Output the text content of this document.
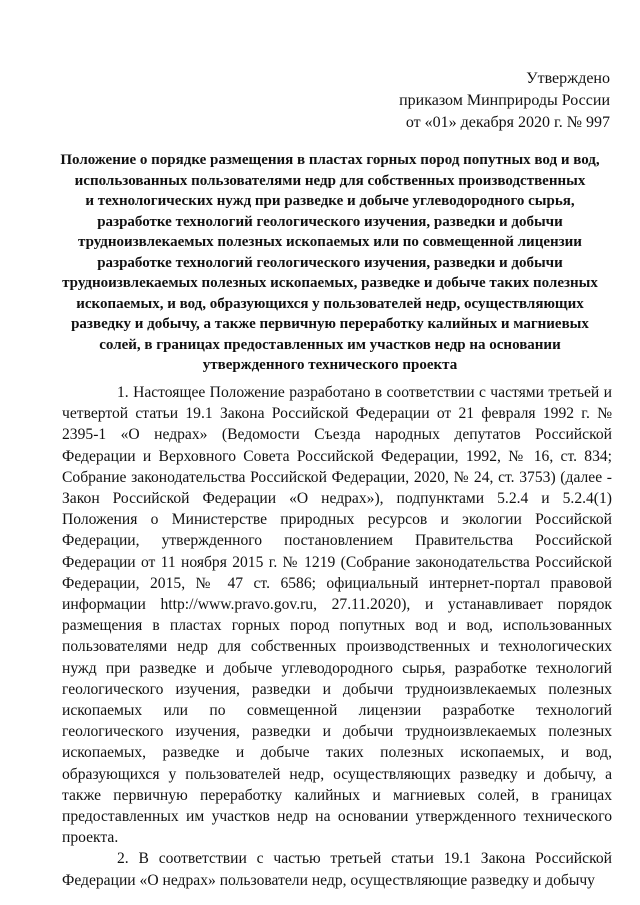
Утверждено
приказом Минприроды России
от «01» декабря 2020 г. № 997
Положение о порядке размещения в пластах горных пород попутных вод и вод,
использованных пользователями недр для собственных производственных
и технологических нужд при разведке и добыче углеводородного сырья,
разработке технологий геологического изучения, разведки и добычи
трудноизвлекаемых полезных ископаемых или по совмещенной лицензии
разработке технологий геологического изучения, разведки и добычи
трудноизвлекаемых полезных ископаемых, разведке и добыче таких полезных
ископаемых, и вод, образующихся у пользователей недр, осуществляющих
разведку и добычу, а также первичную переработку калийных и магниевых
солей, в границах предоставленных им участков недр на основании
утвержденного технического проекта

1. Настоящее Положение разработано в соответствии с частями третьей и четвертой статьи 19.1 Закона Российской Федерации от 21 февраля 1992 г. № 2395-1 «О недрах» (Ведомости Съезда народных депутатов Российской Федерации и Верховного Совета Российской Федерации, 1992, № 16, ст. 834; Собрание законодательства Российской Федерации, 2020, № 24, ст. 3753) (далее - Закон Российской Федерации «О недрах»), подпунктами 5.2.4 и 5.2.4(1) Положения о Министерстве природных ресурсов и экологии Российской Федерации, утвержденного постановлением Правительства Российской Федерации от 11 ноября 2015 г. № 1219 (Собрание законодательства Российской Федерации, 2015, № 47 ст. 6586; официальный интернет-портал правовой информации http://www.pravo.gov.ru, 27.11.2020), и устанавливает порядок размещения в пластах горных пород попутных вод и вод, использованных пользователями недр для собственных производственных и технологических нужд при разведке и добыче углеводородного сырья, разработке технологий геологического изучения, разведки и добычи трудноизвлекаемых полезных ископаемых или по совмещенной лицензии разработке технологий геологического изучения, разведки и добычи трудноизвлекаемых полезных ископаемых, разведке и добыче таких полезных ископаемых, и вод, образующихся у пользователей недр, осуществляющих разведку и добычу, а также первичную переработку калийных и магниевых солей, в границах предоставленных им участков недр на основании утвержденного технического проекта.

2. В соответствии с частью третьей статьи 19.1 Закона Российской Федерации «О недрах» пользователи недр, осуществляющие разведку и добычу
